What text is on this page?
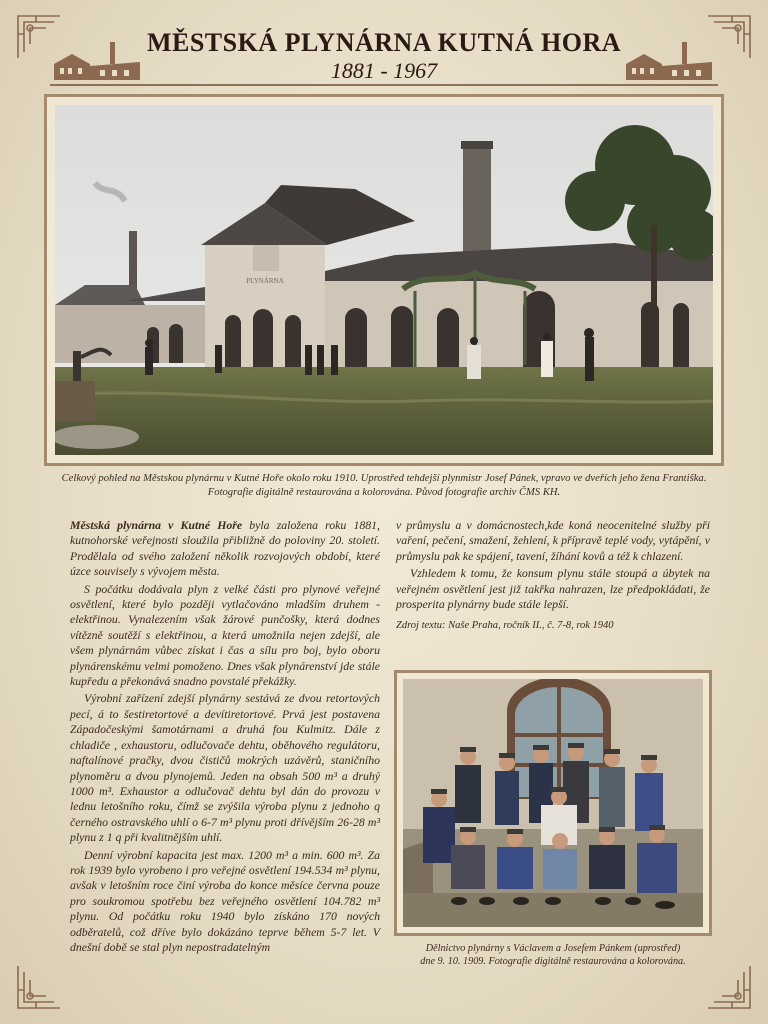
MĚSTSKÁ PLYNÁRNA KUTNÁ HORA
1881 - 1967
PLYNÁRNA
Celkový pohled na Městskou plynárnu v Kutné Hoře okolo roku 1910. Uprostřed tehdejší plynmistr Josef Pánek, vpravo ve dveřích jeho žena Františka.
Fotografie digitálně restaurována a kolorována. Původ fotografie archiv ČMS KH.

Městská plynárna v Kutné Hoře byla založena roku 1881, kutnohorské veřejnosti sloužila přibližně do poloviny 20. století. Prodělala od svého založení několik rozvojových období, které úzce souvisely s vývojem města.

S počátku dodávala plyn z velké části pro plynové veřejné osvětlení, které bylo později vytlačováno mladším druhem - elektřinou. Vynalezením však žárové punčošky, která dodnes vítězně soutěží s elektřinou, a která umožnila nejen zdejší, ale všem plynárnám vůbec získat i čas a sílu pro boj, bylo oboru plynárenskému velmi pomoženo. Dnes však plynárenství jde stále kupředu a překonává snadno povstalé překážky.

Výrobní zařízení zdejší plynárny sestává ze dvou retortových pecí, á to šestiretortové a devítiretortové. Prvá jest postavena Západočeskými šamotárnami a druhá fou Kulmitz. Dále z chladiče , exhaustoru, odlučovače dehtu, oběhového regulátoru, naftalínové pračky, dvou čističů mokrých uzávěrů, staničního plynoměru a dvou plynojemů. Jeden na obsah 500 m³ a druhý 1000 m³. Exhaustor a odlučovač dehtu byl dán do provozu v lednu letošního roku, čímž se zvýšila výroba plynu z jednoho q černého ostravského uhlí o 6-7 m³ plynu proti dřívějším 26-28 m³ plynu z 1 q při kvalitnějším uhlí.

Denní výrobní kapacita jest max. 1200 m³ a min. 600 m³. Za rok 1939 bylo vyrobeno i pro veřejné osvětlení 194.534 m³ plynu, avšak v letošním roce činí výroba do konce měsíce června pouze pro soukromou spotřebu bez veřejného osvětlení 104.782 m³ plynu. Od počátku roku 1940 bylo získáno 170 nových odběratelů, což dříve bylo dokázáno teprve během 5-7 let. V dnešní době se stal plyn nepostradatelným

v průmyslu a v domácnostech,kde koná neocenitelné služby při vaření, pečení, smažení, žehlení, k přípravě teplé vody, vytápění, v průmyslu pak ke spájení, tavení, žíhání kovů a též k chlazení.

Vzhledem k tomu, že konsum plynu stále stoupá a úbytek na veřejném osvětlení jest již takřka nahrazen, lze předpokládati, že prosperita plynárny bude stále lepší.

Zdroj textu: Naše Praha, ročník II., č. 7-8, rok 1940

Dělnictvo plynárny s Václavem a Josefem Pánkem (uprostřed)
dne 9. 10. 1909. Fotografie digitálně restaurována a kolorována.
